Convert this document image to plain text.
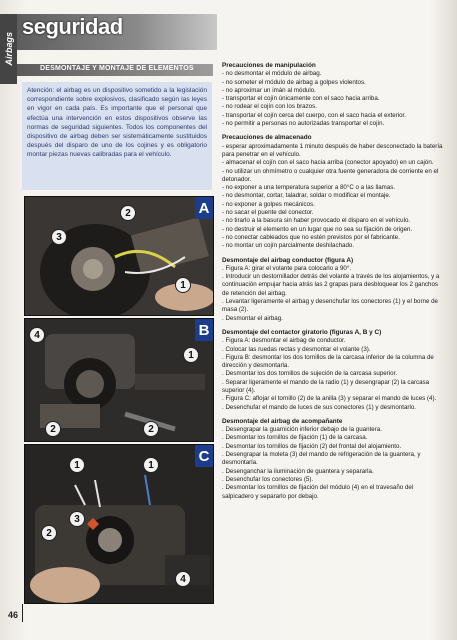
Airbags
seguridad
DESMONTAJE Y MONTAJE DE ELEMENTOS
Atención: el airbag es un dispositivo sometido a la legislación correspondiente sobre explosivos, clasificado según las leyes en vigor en cada país. Es importante que el personal que efectúa una intervención en estos dispositivos observe las normas de seguridad siguientes. Todos los componentes del dispositivo de airbag deben ser sistemáticamente sustituidos después del disparo de uno de los cojines y es obligatorio montar piezas nuevas calibradas para el vehículo.
A
2
3
1
B
4
1
2	2
C
1	1
3
2
4
Precauciones de manipulación

- no desmontar el módulo de airbag.

- no someter el módulo de airbag a golpes violentos.

- no aproximar un imán al módulo.

- transportar el cojín únicamente con el saco hacia arriba.

- no rodear el cojín con los brazos.

- transportar el cojín cerca del cuerpo, con el saco hacia el exterior.

- no permitir a personas no autorizadas transportar el cojín.

Precauciones de almacenado

- esperar aproximadamente 1 minuto después de haber desconectado la batería para penetrar en el vehículo.

- almacenar el cojín con el saco hacia arriba (conector apoyado) en un cajón.

- no utilizar un ohmímetro o cualquier otra fuente generadora de corriente en el detonador.

- no exponer a una temperatura superior a 80°C o a las llamas.

- no desmontar, cortar, taladrar, soldar o modificar el montaje.

- no exponer a golpes mecánicos.

- no sacar el puente del conector.

- no tirarlo a la basura sin haber provocado el disparo en el vehículo.

- no destruir el elemento en un lugar que no sea su fijación de origen.

- no conectar cableados que no estén previstos por el fabricante.

- no montar un cojín parcialmente deshilachado.

Desmontaje del airbag conductor (figura A)

. Figura A: girar el volante para colocarlo a 90°.

. Introducir un destornillador detrás del volante a través de los alojamientos, y a continuación empujar hacia atrás las 2 grapas para desbloquear los 2 ganchos de retención del airbag.

. Levantar ligeramente el airbag y desenchufar los conectores (1) y el borne de masa (2).

. Desmontar el airbag.

Desmontaje del contactor giratorio (figuras A, B y C)

. Figura A: desmontar el airbag de conductor.

. Colocar las ruedas rectas y desmontar el volante (3).

. Figura B: desmontar los dos tornillos de la carcasa inferior de la columna de dirección y desmontarla.

. Desmontar los dos tornillos de sujeción de la carcasa superior.

. Separar ligeramente el mando de la radio (1) y desengrapar (2) la carcasa superior (4).

. Figura C: aflojar el tornillo (2) de la anilla (3) y separar el mando de luces (4).

. Desenchufar el mando de luces de sus conectores (1) y desmontarlo.

Desmontaje del airbag de acompañante

. Desengrapar la guarnición inferior debajo de la guantera.

. Desmontar los tornillos de fijación (1) de la carcasa.

. Desmontar los tornillos de fijación (2) del frontal del alojamiento.

. Desengrapar la moleta (3) del mando de refrigeración de la guantera, y desmontarla.

. Desenganchar la iluminación de guantera y separarla.

. Desenchufar los conectores (5).

. Desmontar los tornillos de fijación del módulo (4) en el travesaño del salpicadero y separarlo por debajo.

46
